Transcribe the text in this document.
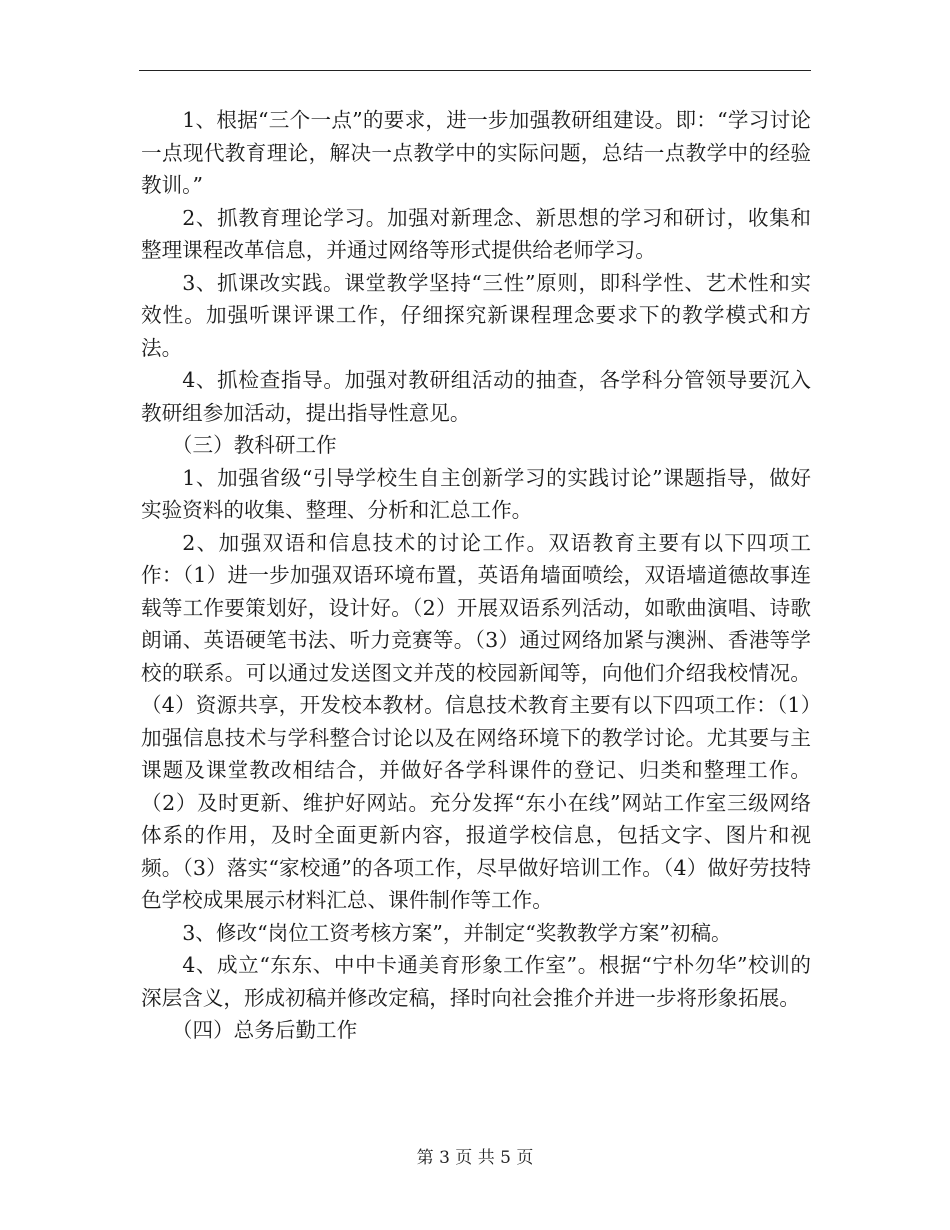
1、根据“三个一点”的要求，进一步加强教研组建设。即：“学习讨论一点现代教育理论，解决一点教学中的实际问题，总结一点教学中的经验教训。”

2、抓教育理论学习。加强对新理念、新思想的学习和研讨，收集和整理课程改革信息，并通过网络等形式提供给老师学习。

3、抓课改实践。课堂教学坚持“三性”原则，即科学性、艺术性和实效性。加强听课评课工作，仔细探究新课程理念要求下的教学模式和方法。

4、抓检查指导。加强对教研组活动的抽查，各学科分管领导要沉入教研组参加活动，提出指导性意见。

（三）教科研工作

1、加强省级“引导学校生自主创新学习的实践讨论”课题指导，做好实验资料的收集、整理、分析和汇总工作。

2、加强双语和信息技术的讨论工作。双语教育主要有以下四项工作：（1）进一步加强双语环境布置，英语角墙面喷绘，双语墙道德故事连载等工作要策划好，设计好。（2）开展双语系列活动，如歌曲演唱、诗歌朗诵、英语硬笔书法、听力竞赛等。（3）通过网络加紧与澳洲、香港等学校的联系。可以通过发送图文并茂的校园新闻等，向他们介绍我校情况。（4）资源共享，开发校本教材。信息技术教育主要有以下四项工作：（1）加强信息技术与学科整合讨论以及在网络环境下的教学讨论。尤其要与主课题及课堂教改相结合，并做好各学科课件的登记、归类和整理工作。（2）及时更新、维护好网站。充分发挥“东小在线”网站工作室三级网络体系的作用，及时全面更新内容，报道学校信息，包括文字、图片和视频。（3）落实“家校通”的各项工作，尽早做好培训工作。（4）做好劳技特色学校成果展示材料汇总、课件制作等工作。

3、修改“岗位工资考核方案”，并制定“奖教教学方案”初稿。

4、成立“东东、中中卡通美育形象工作室”。根据“宁朴勿华”校训的深层含义，形成初稿并修改定稿，择时向社会推介并进一步将形象拓展。

（四）总务后勤工作

第 3 页 共 5 页
